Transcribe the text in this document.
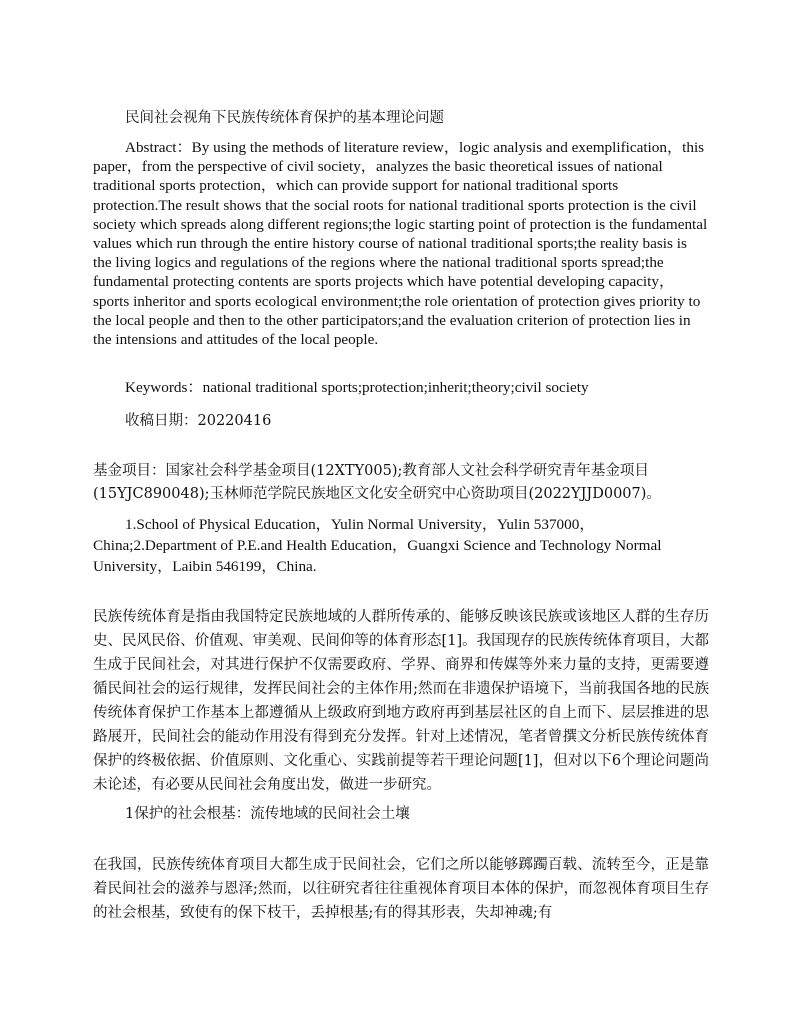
民间社会视角下民族传统体育保护的基本理论问题

Abstract：By using the methods of literature review，logic analysis and exemplification，this paper，from the perspective of civil society，analyzes the basic theoretical issues of national traditional sports protection，which can provide support for national traditional sports protection.The result shows that the social roots for national traditional sports protection is the civil society which spreads along different regions;the logic starting point of protection is the fundamental values which run through the entire history course of national traditional sports;the reality basis is the living logics and regulations of the regions where the national traditional sports spread;the fundamental protecting contents are sports projects which have potential developing capacity，sports inheritor and sports ecological environment;the role orientation of protection gives priority to the local people and then to the other participators;and the evaluation criterion of protection lies in the intensions and attitudes of the local people.

Keywords：national traditional sports;protection;inherit;theory;civil society

收稿日期：20220416

基金项目：国家社会科学基金项目(12XTY005);教育部人文社会科学研究青年基金项目(15YJC890048);玉林师范学院民族地区文化安全研究中心资助项目(2022YJJD0007)。

1.School of Physical Education，Yulin Normal University，Yulin 537000，China;2.Department of P.E.and Health Education，Guangxi Science and Technology Normal University，Laibin 546199，China.

民族传统体育是指由我国特定民族地域的人群所传承的、能够反映该民族或该地区人群的生存历史、民风民俗、价值观、审美观、民间仰等的体育形态[1]。我国现存的民族传统体育项目，大都生成于民间社会，对其进行保护不仅需要政府、学界、商界和传媒等外来力量的支持，更需要遵循民间社会的运行规律，发挥民间社会的主体作用;然而在非遗保护语境下，当前我国各地的民族传统体育保护工作基本上都遵循从上级政府到地方政府再到基层社区的自上而下、层层推进的思路展开，民间社会的能动作用没有得到充分发挥。针对上述情况，笔者曾撰文分析民族传统体育保护的终极依据、价值原则、文化重心、实践前提等若干理论问题[1]，但对以下6个理论问题尚未论述，有必要从民间社会角度出发，做进一步研究。

1保护的社会根基：流传地域的民间社会土壤

在我国，民族传统体育项目大都生成于民间社会，它们之所以能够踯躅百载、流转至今，正是靠着民间社会的滋养与恩泽;然而，以往研究者往往重视体育项目本体的保护，而忽视体育项目生存的社会根基，致使有的保下枝干，丢掉根基;有的得其形表，失却神魂;有
